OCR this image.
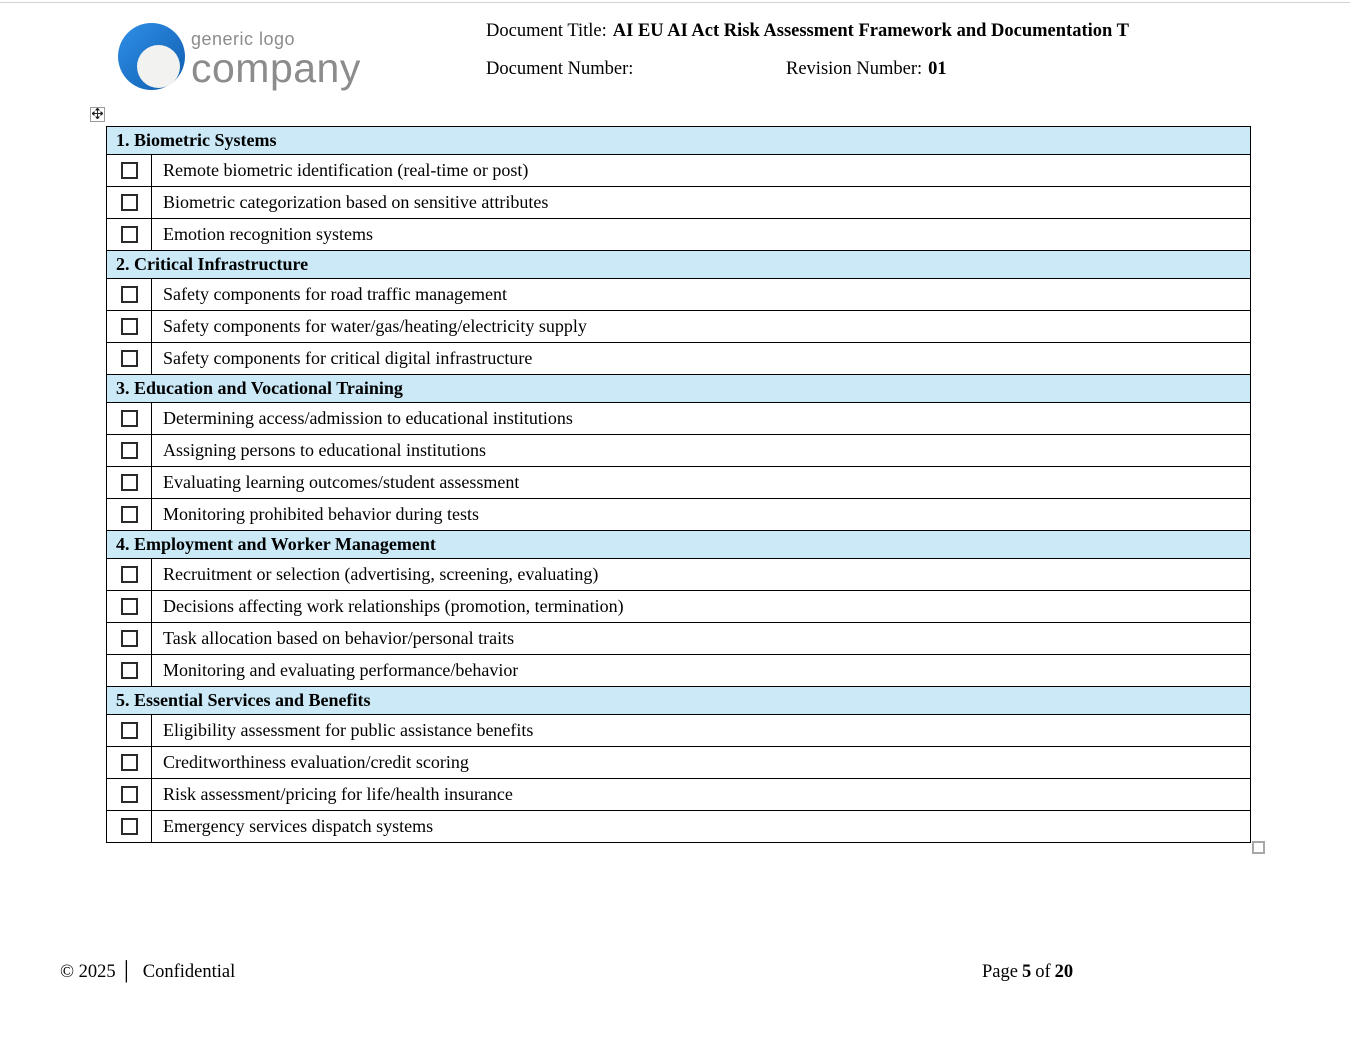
generic logo
company
Document Title: AI EU AI Act Risk Assessment Framework and Documentation T
Document Number:	Revision Number: 01
1. Biometric Systems
Remote biometric identification (real-time or post)
Biometric categorization based on sensitive attributes
Emotion recognition systems
2. Critical Infrastructure
Safety components for road traffic management
Safety components for water/gas/heating/electricity supply
Safety components for critical digital infrastructure
3. Education and Vocational Training
Determining access/admission to educational institutions
Assigning persons to educational institutions
Evaluating learning outcomes/student assessment
Monitoring prohibited behavior during tests
4. Employment and Worker Management
Recruitment or selection (advertising, screening, evaluating)
Decisions affecting work relationships (promotion, termination)
Task allocation based on behavior/personal traits
Monitoring and evaluating performance/behavior
5. Essential Services and Benefits
Eligibility assessment for public assistance benefits
Creditworthiness evaluation/credit scoring
Risk assessment/pricing for life/health insurance
Emergency services dispatch systems
© 2025 │ Confidential	Page 5 of 20
